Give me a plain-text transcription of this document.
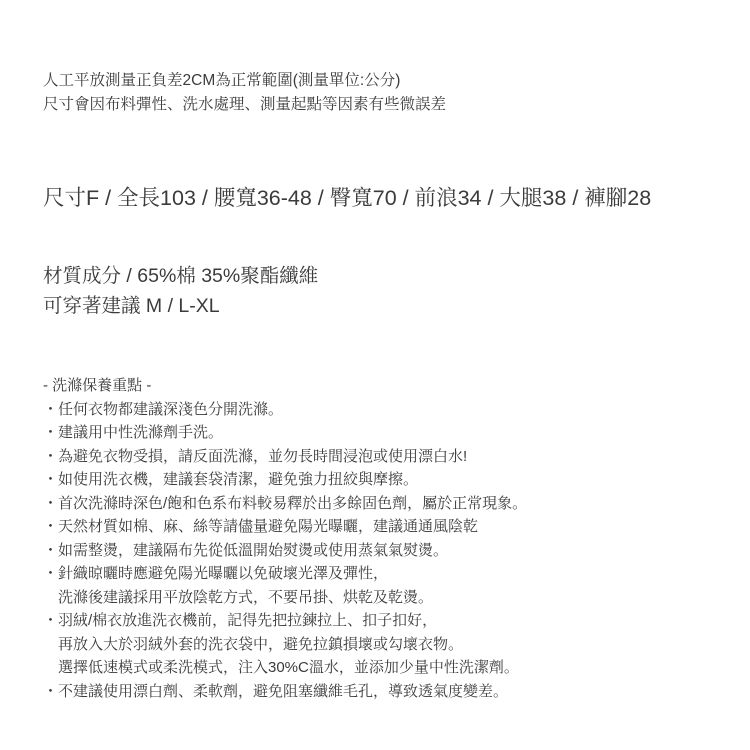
人工平放測量正負差2CM為正常範圍(測量單位:公分)

尺寸會因布料彈性、洗水處理、測量起點等因素有些微誤差

尺寸F / 全長103 / 腰寬36-48 / 臀寬70 / 前浪34 / 大腿38 / 褲腳28

材質成分 / 65%棉 35%聚酯纖維

可穿著建議 M / L-XL

- 洗滌保養重點 -

・任何衣物都建議深淺色分開洗滌。

・建議用中性洗滌劑手洗。

・為避免衣物受損，請反面洗滌，並勿長時間浸泡或使用漂白水!

・如使用洗衣機，建議套袋清潔，避免強力扭絞與摩擦。

・首次洗滌時深色/飽和色系布料較易釋於出多餘固色劑，屬於正常現象。

・天然材質如棉、麻、絲等請儘量避免陽光曝曬，建議通通風陰乾

・如需整燙，建議隔布先從低溫開始熨燙或使用蒸氣氣熨燙。

・針織晾曬時應避免陽光曝曬以免破壞光澤及彈性，

洗滌後建議採用平放陰乾方式，不要吊掛、烘乾及乾燙。

・羽絨/棉衣放進洗衣機前，記得先把拉鍊拉上、扣子扣好，

再放入大於羽絨外套的洗衣袋中，避免拉鎮損壞或勾壞衣物。

選擇低速模式或柔洗模式，注入30%C溫水，並添加少量中性洗潔劑。

・不建議使用漂白劑、柔軟劑，避免阻塞纖維毛孔，導致透氣度變差。
